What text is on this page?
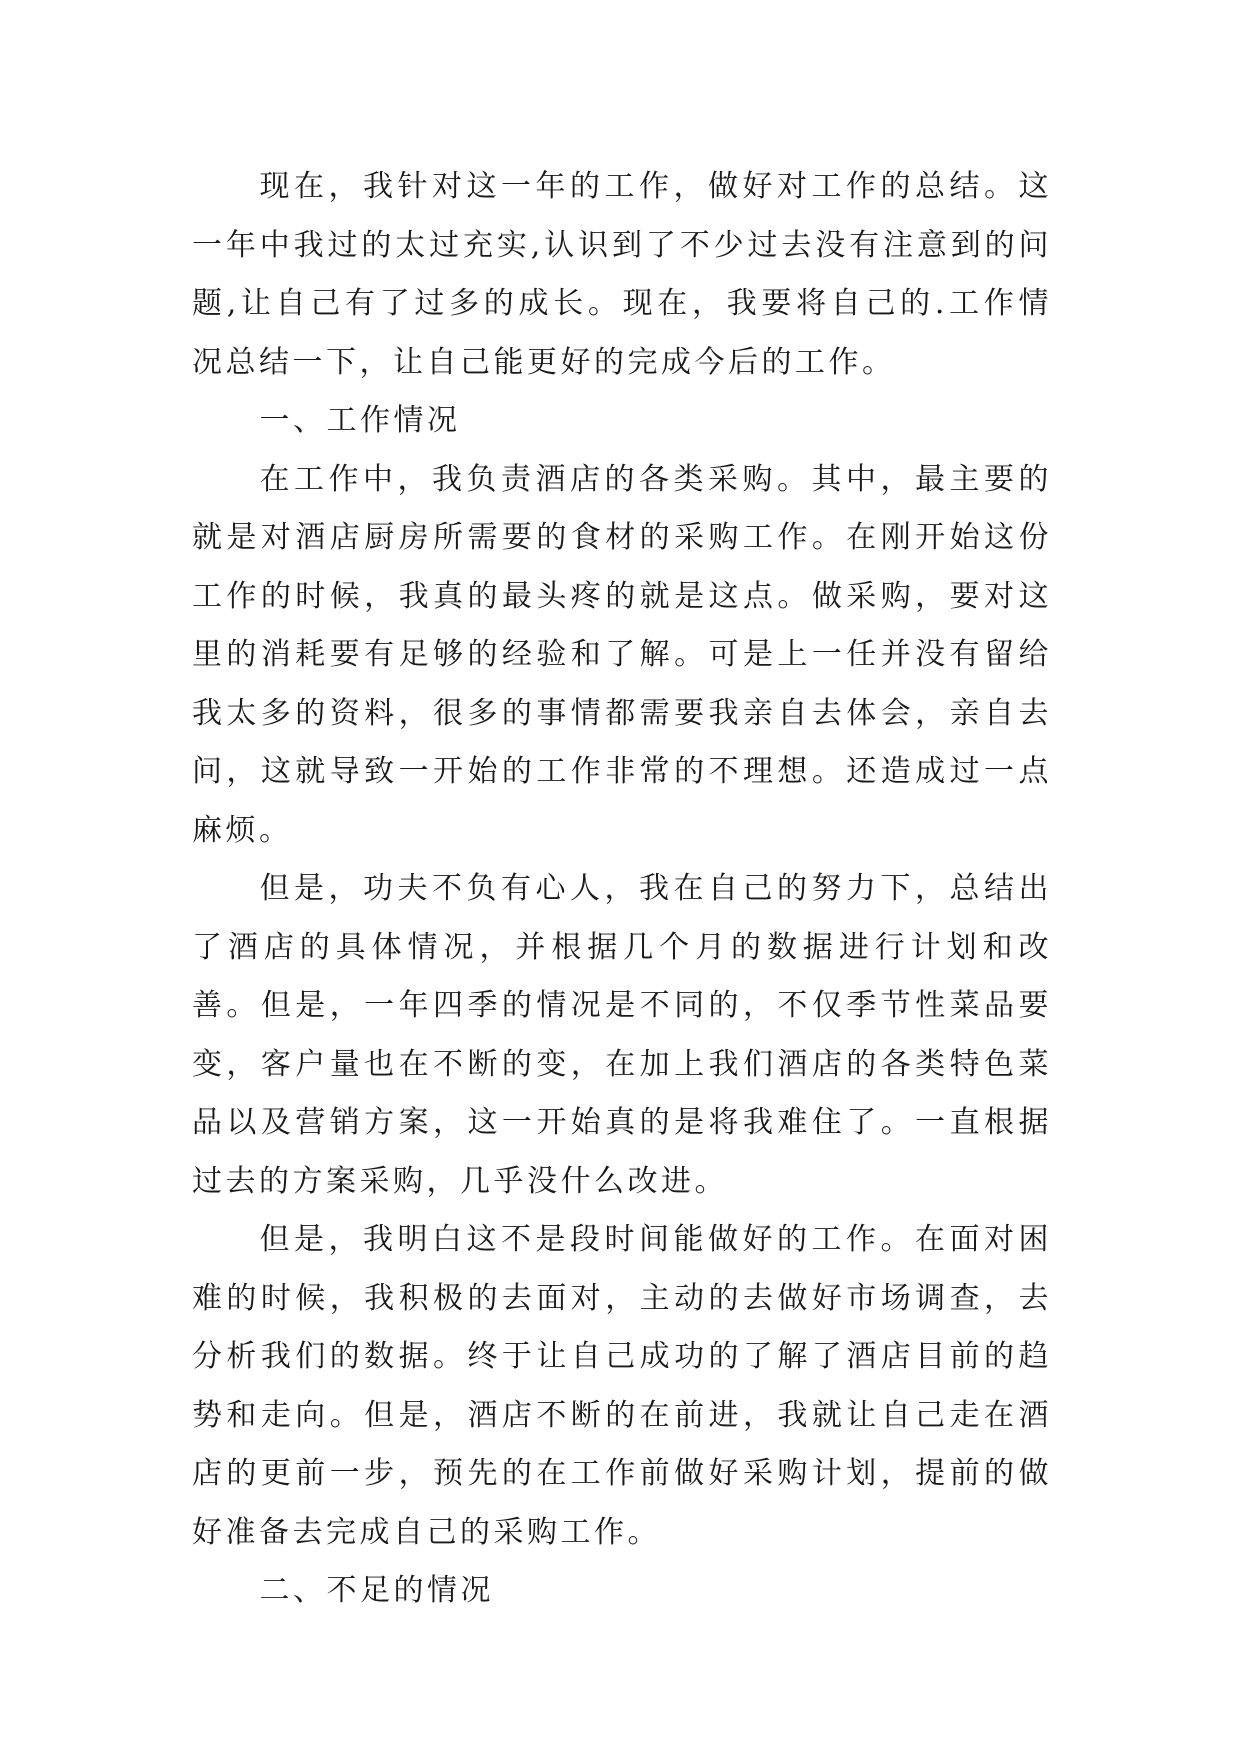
现在，我针对这一年的工作，做好对工作的总结。这一年中我过的太过充实,认识到了不少过去没有注意到的问题,让自己有了过多的成长。现在，我要将自己的.工作情况总结一下，让自己能更好的完成今后的工作。

一、工作情况

在工作中，我负责酒店的各类采购。其中，最主要的就是对酒店厨房所需要的食材的采购工作。在刚开始这份工作的时候，我真的最头疼的就是这点。做采购，要对这里的消耗要有足够的经验和了解。可是上一任并没有留给我太多的资料，很多的事情都需要我亲自去体会，亲自去问，这就导致一开始的工作非常的不理想。还造成过一点麻烦。

但是，功夫不负有心人，我在自己的努力下，总结出了酒店的具体情况，并根据几个月的数据进行计划和改善。但是，一年四季的情况是不同的，不仅季节性菜品要变，客户量也在不断的变，在加上我们酒店的各类特色菜品以及营销方案，这一开始真的是将我难住了。一直根据过去的方案采购，几乎没什么改进。

但是，我明白这不是段时间能做好的工作。在面对困难的时候，我积极的去面对，主动的去做好市场调查，去分析我们的数据。终于让自己成功的了解了酒店目前的趋势和走向。但是，酒店不断的在前进，我就让自己走在酒店的更前一步，预先的在工作前做好采购计划，提前的做好准备去完成自己的采购工作。

二、不足的情况
